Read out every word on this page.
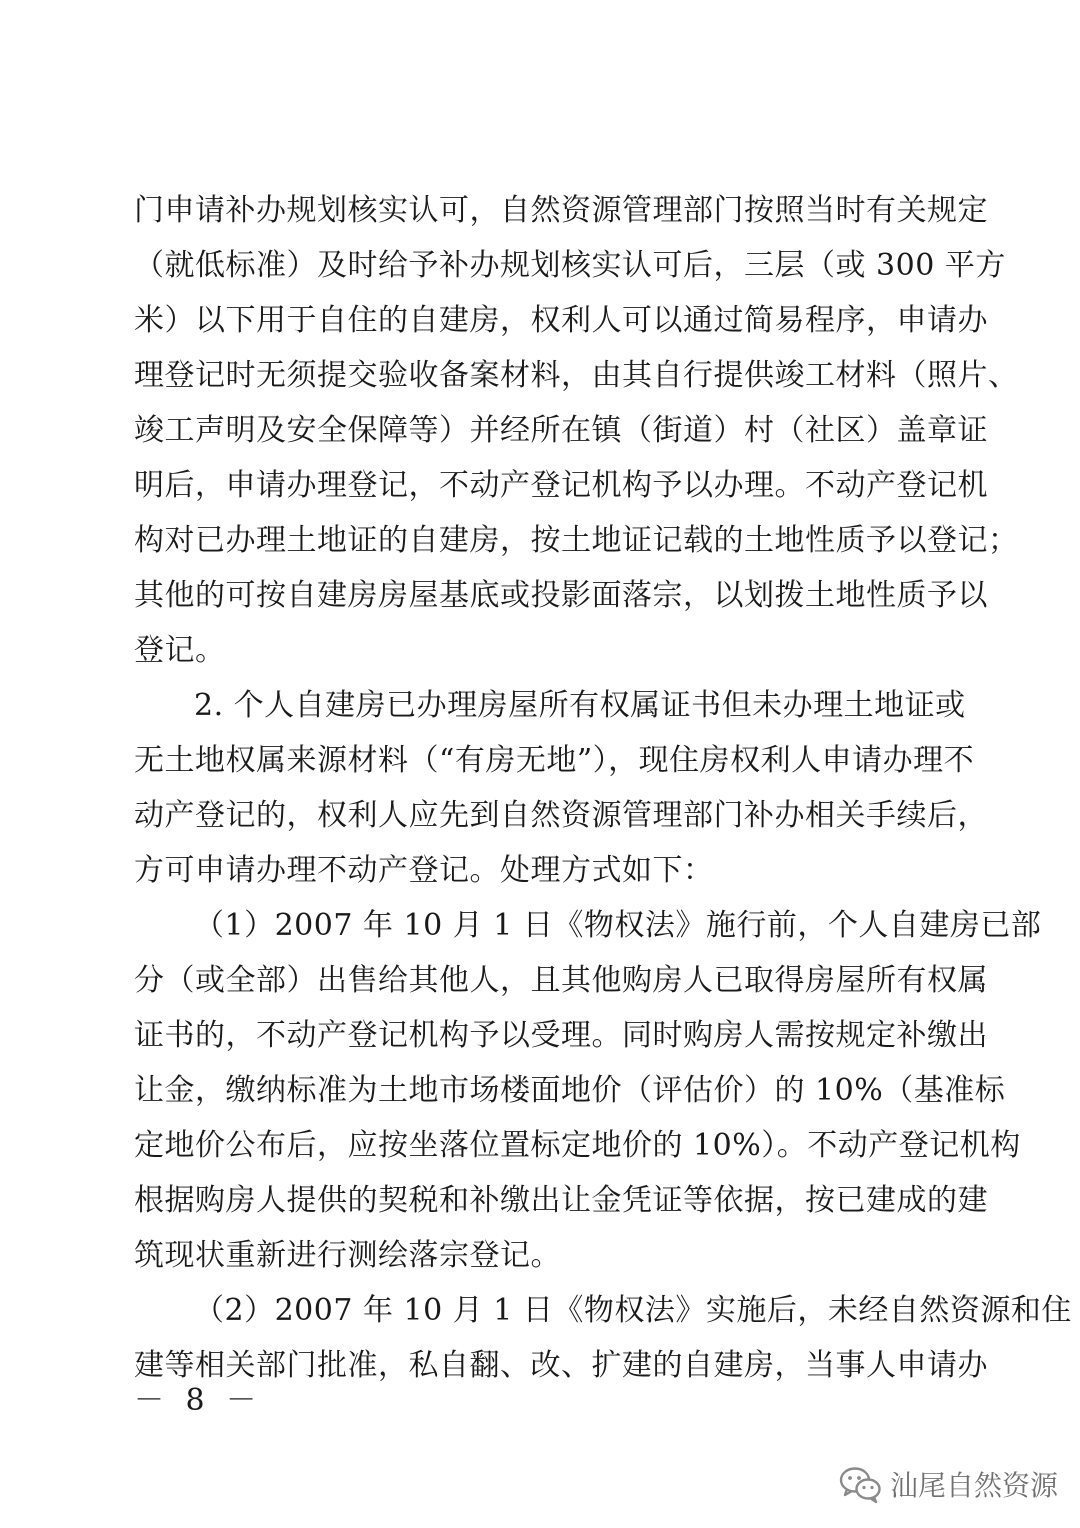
门申请补办规划核实认可，自然资源管理部门按照当时有关规定
（就低标准）及时给予补办规划核实认可后，三层（或 300 平方
米）以下用于自住的自建房，权利人可以通过简易程序，申请办
理登记时无须提交验收备案材料，由其自行提供竣工材料（照片、
竣工声明及安全保障等）并经所在镇（街道）村（社区）盖章证
明后，申请办理登记，不动产登记机构予以办理。不动产登记机
构对已办理土地证的自建房，按土地证记载的土地性质予以登记；
其他的可按自建房房屋基底或投影面落宗，以划拨土地性质予以
登记。
2. 个人自建房已办理房屋所有权属证书但未办理土地证或
无土地权属来源材料（“有房无地”），现住房权利人申请办理不
动产登记的，权利人应先到自然资源管理部门补办相关手续后，
方可申请办理不动产登记。处理方式如下：
（1）2007 年 10 月 1 日《物权法》施行前，个人自建房已部
分（或全部）出售给其他人，且其他购房人已取得房屋所有权属
证书的，不动产登记机构予以受理。同时购房人需按规定补缴出
让金，缴纳标准为土地市场楼面地价（评估价）的 10%（基准标
定地价公布后，应按坐落位置标定地价的 10%）。不动产登记机构
根据购房人提供的契税和补缴出让金凭证等依据，按已建成的建
筑现状重新进行测绘落宗登记。
（2）2007 年 10 月 1 日《物权法》实施后，未经自然资源和住
建等相关部门批准，私自翻、改、扩建的自建房，当事人申请办
－ 8 －
汕尾自然资源
